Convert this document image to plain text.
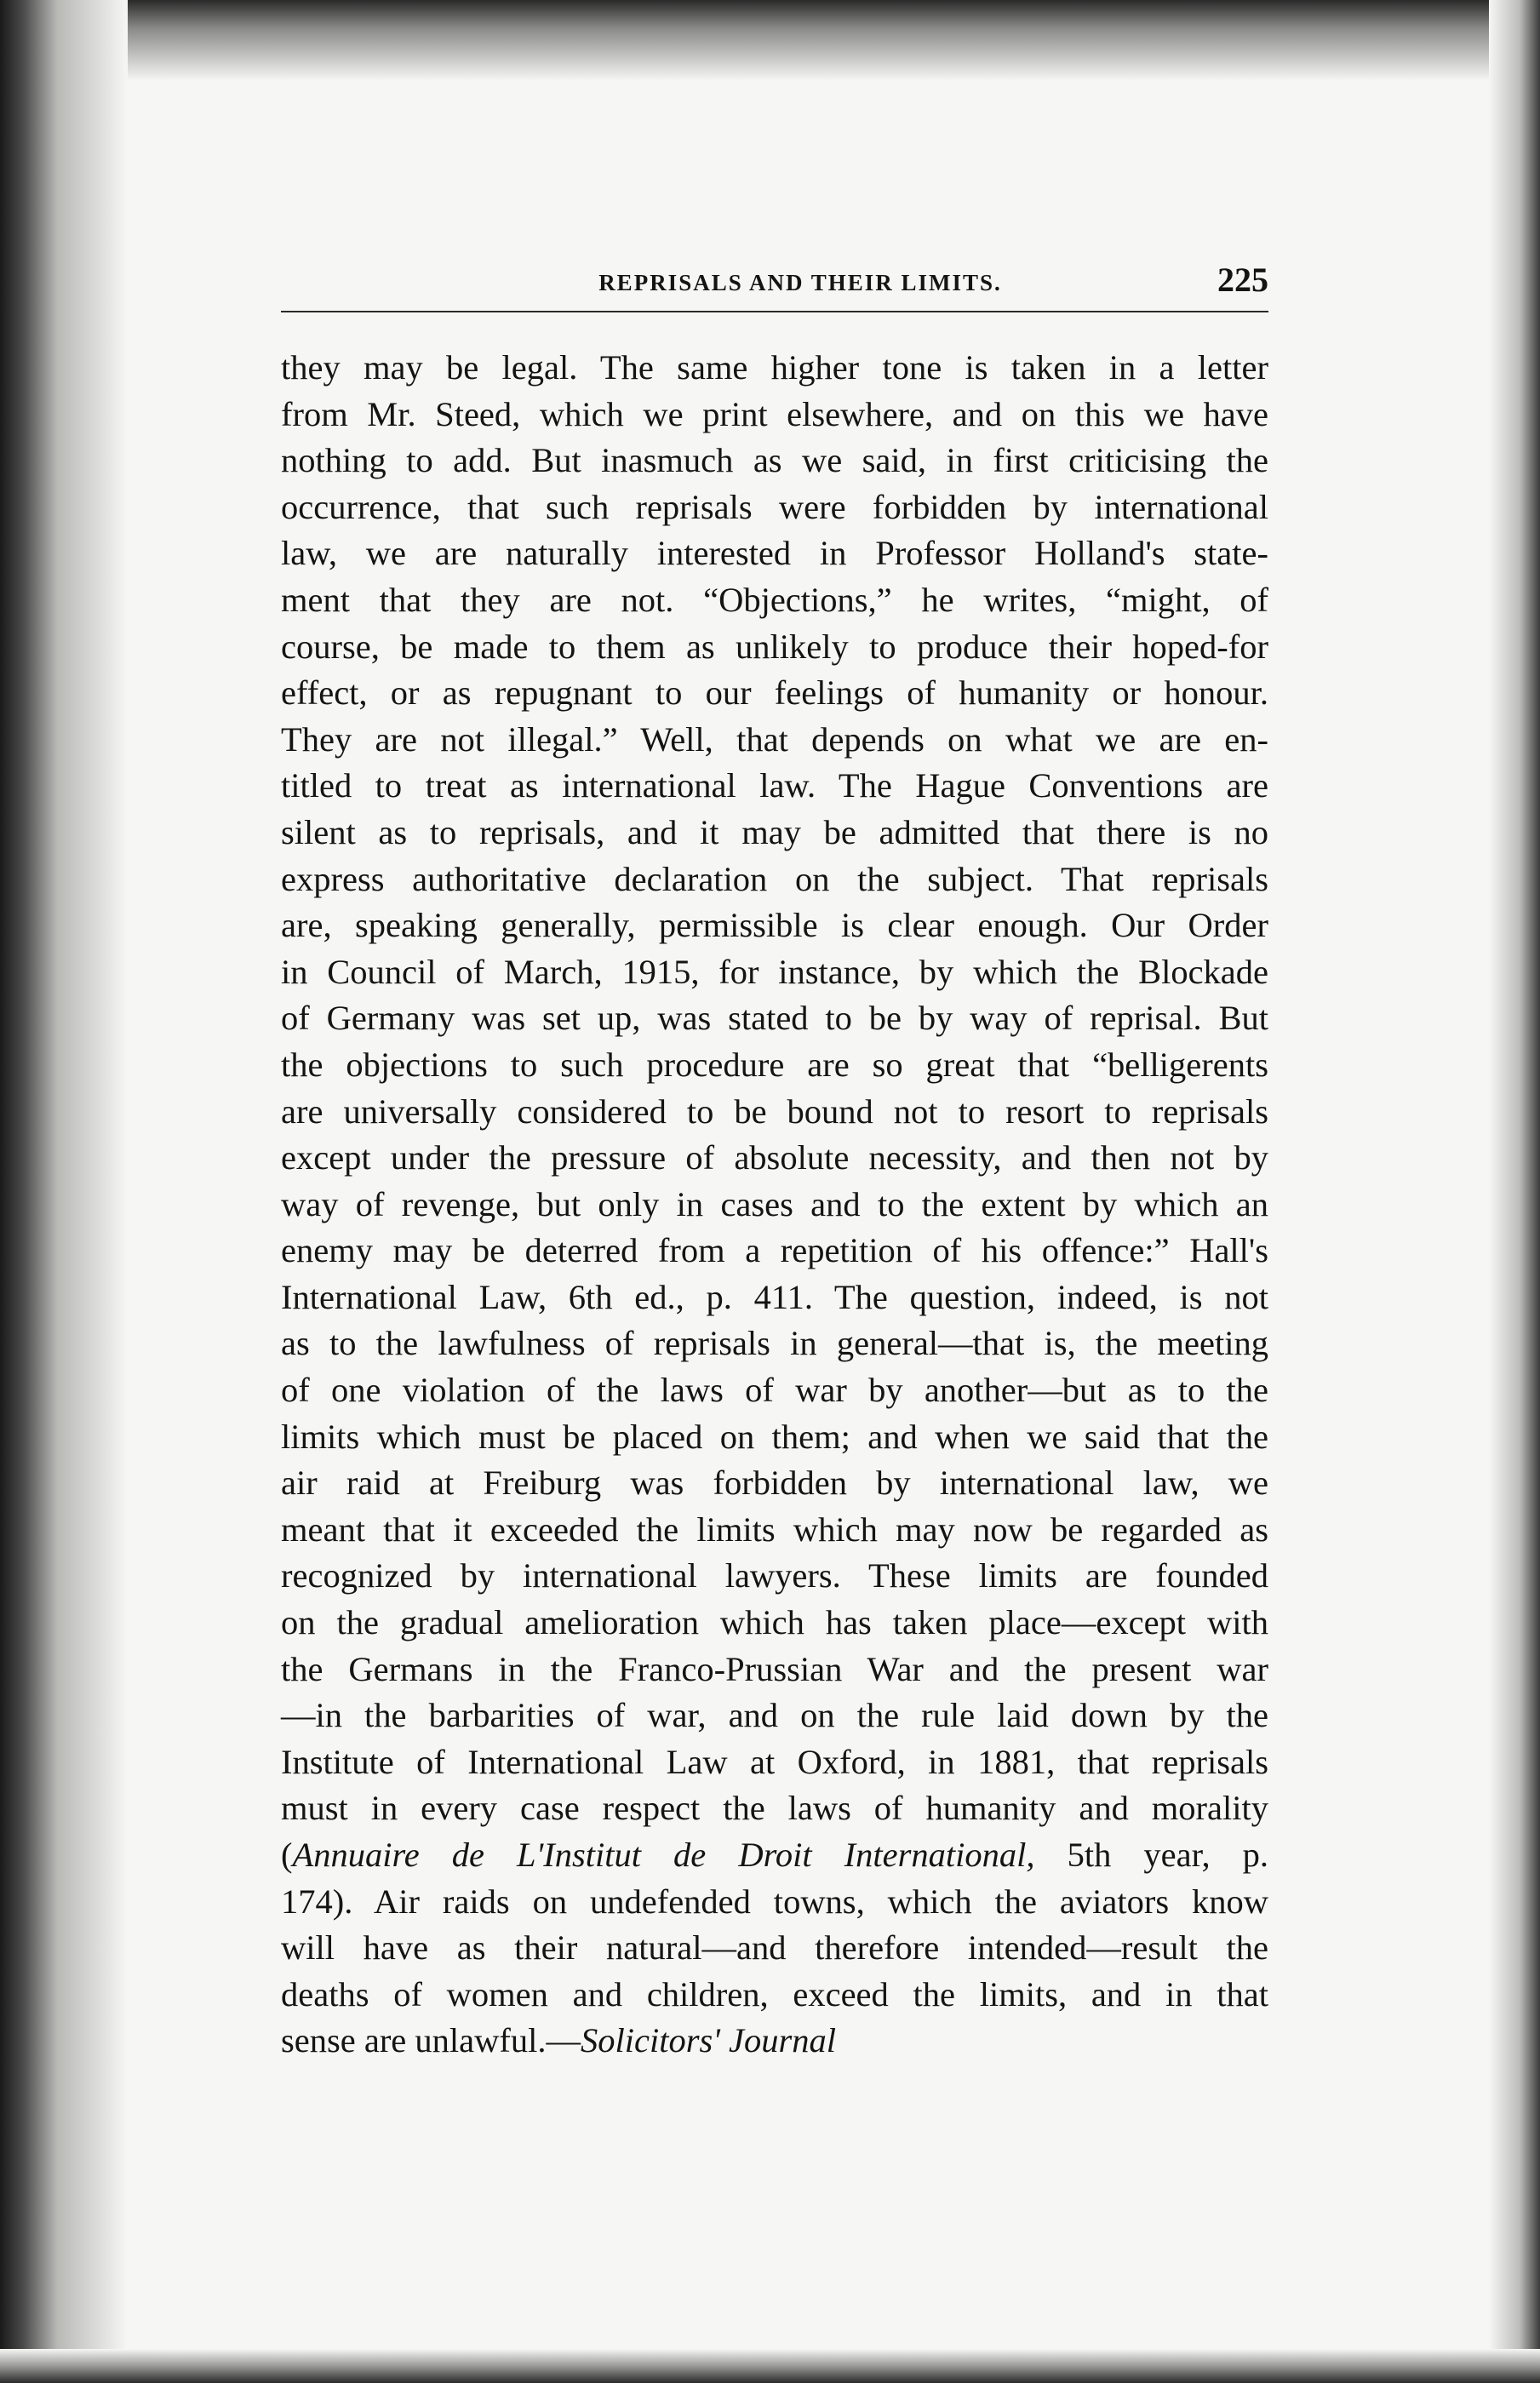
REPRISALS AND THEIR LIMITS.	225
they may be legal. The same higher tone is taken in a letter
from Mr. Steed, which we print elsewhere, and on this we have
nothing to add. But inasmuch as we said, in first criticising the
occurrence, that such reprisals were forbidden by international
law, we are naturally interested in Professor Holland's state-
ment that they are not. “Objections,” he writes, “might, of
course, be made to them as unlikely to produce their hoped-for
effect, or as repugnant to our feelings of humanity or honour.
They are not illegal.” Well, that depends on what we are en-
titled to treat as international law. The Hague Conventions are
silent as to reprisals, and it may be admitted that there is no
express authoritative declaration on the subject. That reprisals
are, speaking generally, permissible is clear enough. Our Order
in Council of March, 1915, for instance, by which the Blockade
of Germany was set up, was stated to be by way of reprisal. But
the objections to such procedure are so great that “belligerents
are universally considered to be bound not to resort to reprisals
except under the pressure of absolute necessity, and then not by
way of revenge, but only in cases and to the extent by which an
enemy may be deterred from a repetition of his offence:” Hall's
International Law, 6th ed., p. 411. The question, indeed, is not
as to the lawfulness of reprisals in general—that is, the meeting
of one violation of the laws of war by another—but as to the
limits which must be placed on them; and when we said that the
air raid at Freiburg was forbidden by international law, we
meant that it exceeded the limits which may now be regarded as
recognized by international lawyers. These limits are founded
on the gradual amelioration which has taken place—except with
the Germans in the Franco-Prussian War and the present war
—in the barbarities of war, and on the rule laid down by the
Institute of International Law at Oxford, in 1881, that reprisals
must in every case respect the laws of humanity and morality
(Annuaire de L'Institut de Droit International, 5th year, p.
174). Air raids on undefended towns, which the aviators know
will have as their natural—and therefore intended—result the
deaths of women and children, exceed the limits, and in that
sense are unlawful.—Solicitors' Journal
